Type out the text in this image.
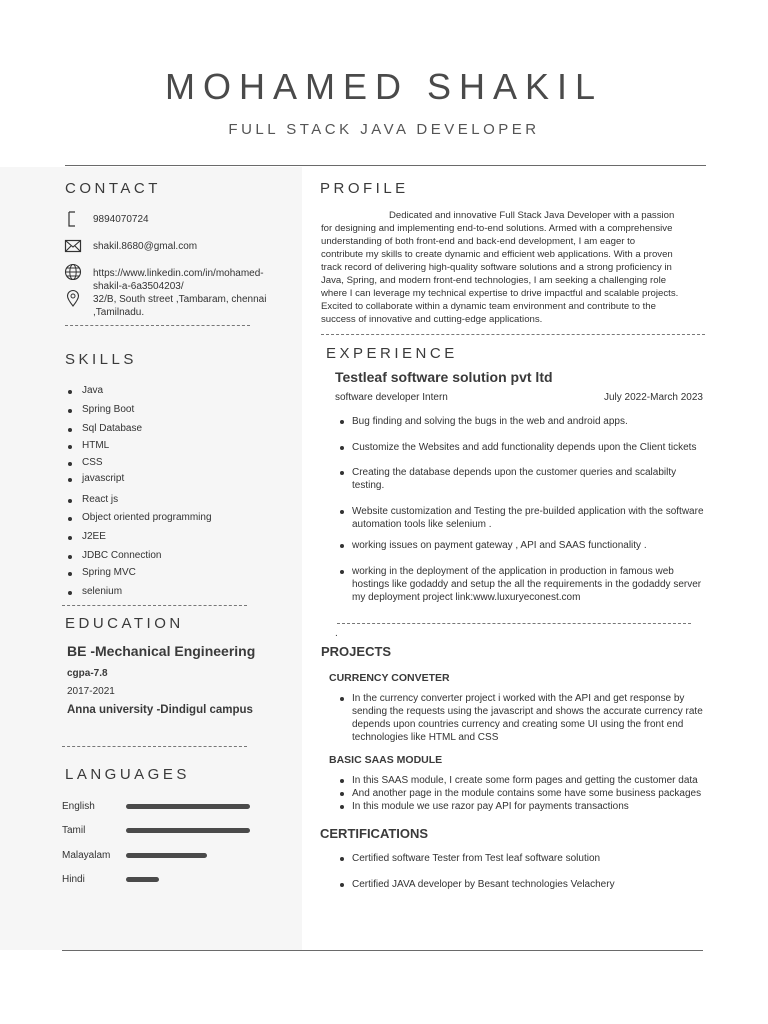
MOHAMED SHAKIL
FULL STACK JAVA DEVELOPER
CONTACT
9894070724
shakil.8680@gmal.com
https://www.linkedin.com/in/mohamed-
shakil-a-6a3504203/
32/B, South street ,Tambaram, chennai
,Tamilnadu.
SKILLS
Java
Spring Boot
Sql Database
HTML
CSS
javascript
React js
Object oriented programming
J2EE
JDBC Connection
Spring MVC
selenium
EDUCATION
BE -Mechanical Engineering
cgpa-7.8
2017-2021
Anna university -Dindigul campus
LANGUAGES
English
Tamil
Malayalam
Hindi
PROFILE
Dedicated and innovative Full Stack Java Developer with a passion
for designing and implementing end-to-end solutions. Armed with a comprehensive
understanding of both front-end and back-end development, I am eager to
contribute my skills to create dynamic and efficient web applications. With a proven
track record of delivering high-quality software solutions and a strong proficiency in
Java, Spring, and modern front-end technologies, I am seeking a challenging role
where I can leverage my technical expertise to drive impactful and scalable projects.
Excited to collaborate within a dynamic team environment and contribute to the
success of innovative and cutting-edge applications.
EXPERIENCE
Testleaf software solution pvt ltd
software developer Intern	July 2022-March 2023
Bug finding and solving the bugs in the web and android apps.
Customize the Websites and add functionality depends upon the Client tickets
Creating the database depends upon the customer queries and scalabilty
testing.
Website customization and Testing the pre-builded application with the software
automation tools like selenium .
working issues on payment gateway , API and SAAS functionality .
working in the deployment of the application in production in famous web
hostings like godaddy and setup the all the requirements in the godaddy server
my deployment project link:www.luxuryeconest.com
.
PROJECTS
CURRENCY CONVETER
In the currency converter project i worked with the API and get response by
sending the requests using the javascript and shows the accurate currency rate
depends upon countries currency and creating some UI using the front end
technologies like HTML and CSS
BASIC SAAS MODULE
In this SAAS module, I create some form pages and getting the customer data
And another page in the module contains some have some business packages
In this module we use razor pay API for payments transactions
CERTIFICATIONS
Certified software Tester from Test leaf software solution
Certified JAVA developer by Besant technologies Velachery
